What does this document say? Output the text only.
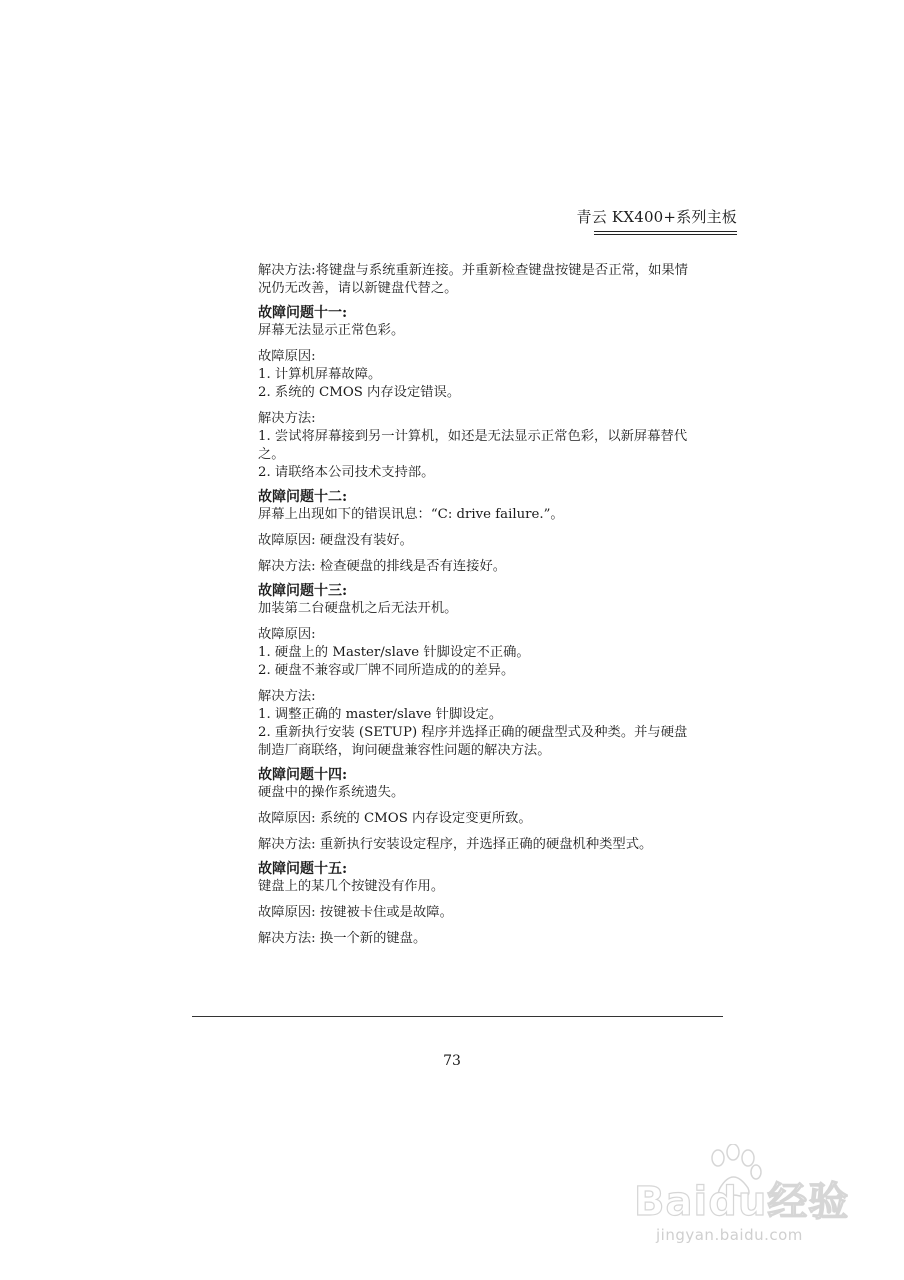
青云 KX400+系列主板
解决方法:将键盘与系统重新连接。并重新检查键盘按键是否正常，如果情
况仍无改善，请以新键盘代替之。
故障问题十一:
屏幕无法显示正常色彩。
故障原因:
1. 计算机屏幕故障。
2. 系统的 CMOS 内存设定错误。
解决方法:
1. 尝试将屏幕接到另一计算机，如还是无法显示正常色彩，以新屏幕替代
之。
2. 请联络本公司技术支持部。
故障问题十二:
屏幕上出现如下的错误讯息：“C: drive failure.”。
故障原因: 硬盘没有装好。
解决方法: 检查硬盘的排线是否有连接好。
故障问题十三:
加装第二台硬盘机之后无法开机。
故障原因:
1. 硬盘上的 Master/slave 针脚设定不正确。
2. 硬盘不兼容或厂牌不同所造成的的差异。
解决方法:
1. 调整正确的 master/slave 针脚设定。
2. 重新执行安装 (SETUP) 程序并选择正确的硬盘型式及种类。并与硬盘
制造厂商联络，询问硬盘兼容性问题的解决方法。
故障问题十四:
硬盘中的操作系统遗失。
故障原因: 系统的 CMOS 内存设定变更所致。
解决方法: 重新执行安装设定程序，并选择正确的硬盘机种类型式。
故障问题十五:
键盘上的某几个按键没有作用。
故障原因: 按键被卡住或是故障。
解决方法: 换一个新的键盘。
73
Baidu经验
jingyan.baidu.com
